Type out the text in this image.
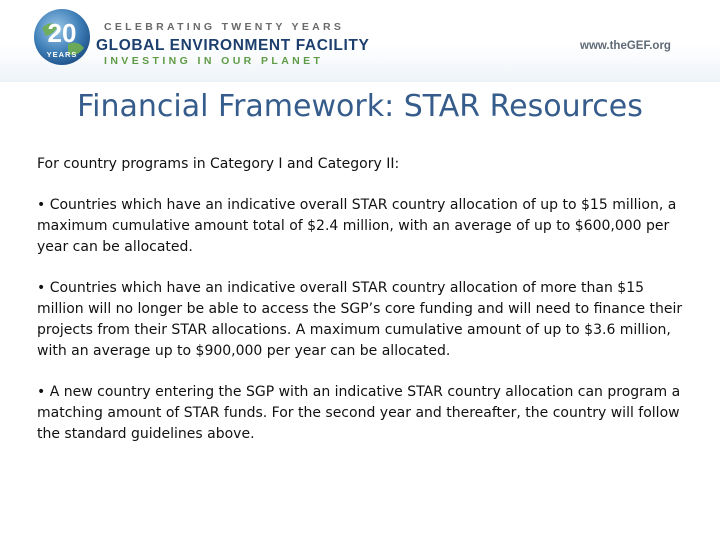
20
YEARS
CELEBRATING TWENTY YEARS
GLOBAL ENVIRONMENT FACILITY
INVESTING IN OUR PLANET
www.theGEF.org
Financial Framework: STAR Resources

For country programs in Category I and Category II:

• Countries which have an indicative overall STAR country allocation of up to $15 million, a maximum cumulative amount total of $2.4 million, with an average of up to $600,000 per year can be allocated.

• Countries which have an indicative overall STAR country allocation of more than $15 million will no longer be able to access the SGP’s core funding and will need to finance their projects from their STAR allocations. A maximum cumulative amount of up to $3.6 million, with an average up to $900,000 per year can be allocated.

• A new country entering the SGP with an indicative STAR country allocation can program a matching amount of STAR funds. For the second year and thereafter, the country will follow the standard guidelines above.
